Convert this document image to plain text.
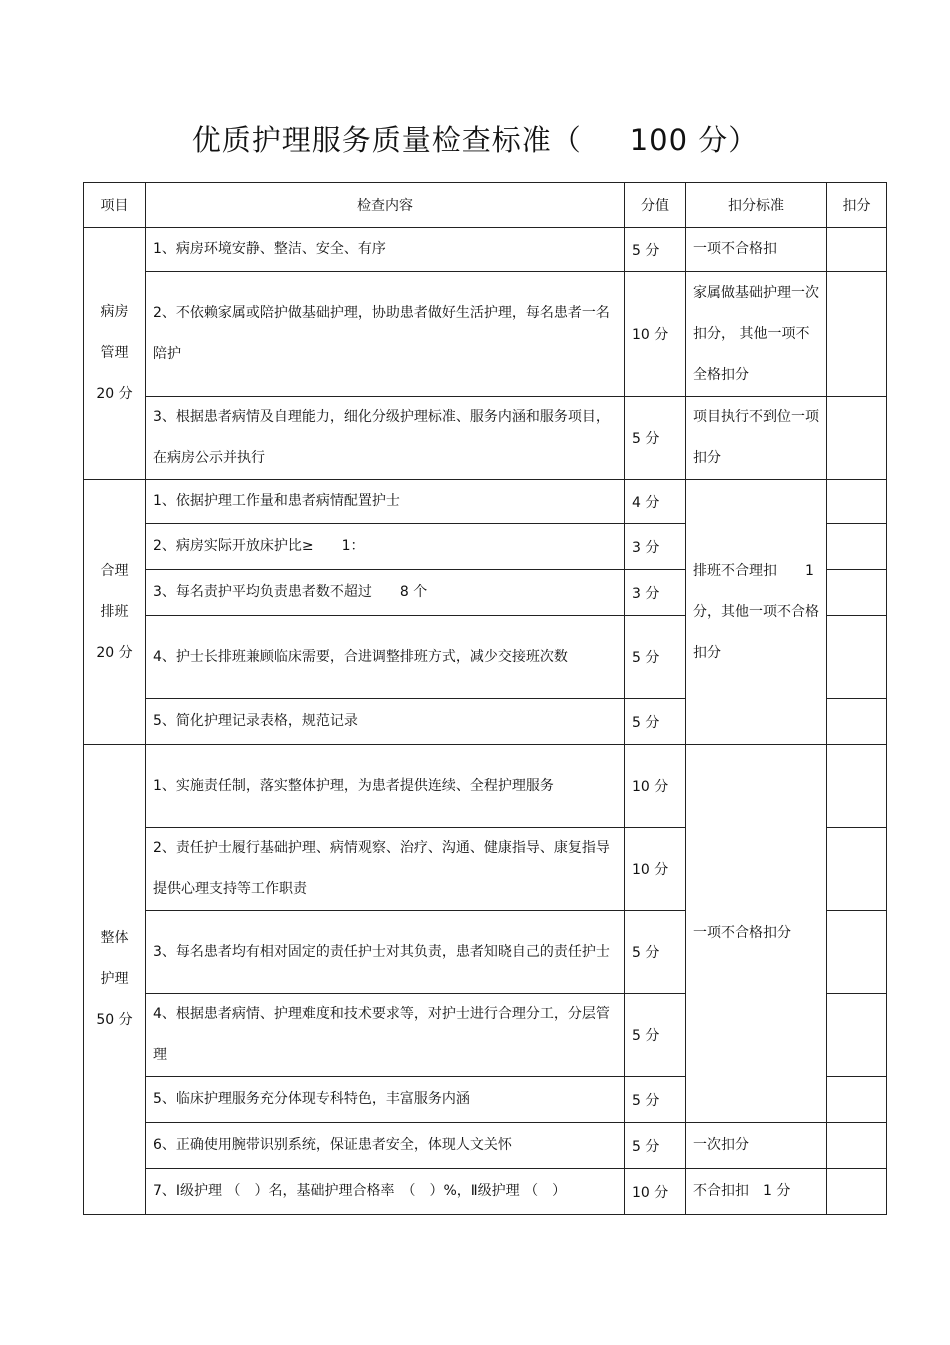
优质护理服务质量检查标准（ 100 分）
项目	检查内容	分值	扣分标准	扣分

病房
管理
20 分	1、病房环境安静、整洁、安全、有序	5 分	一项不合格扣	
	2、不依赖家属或陪护做基础护理，协助患者做好生活护理，每名患者一名陪护	10 分	家属做基础护理一次扣分， 其他一项不全格扣分	
	3、根据患者病情及自理能力，细化分级护理标准、服务内涵和服务项目，在病房公示并执行	5 分	项目执行不到位一项扣分	

合理
排班
20 分	1、依据护理工作量和患者病情配置护士	4 分	排班不合理扣　　1 分，其他一项不合格扣分	
	2、病房实际开放床护比≥　　1：	3 分		
	3、每名责护平均负责患者数不超过　　8 个	3 分		
	4、护士长排班兼顾临床需要，合进调整排班方式，减少交接班次数	5 分		
	5、简化护理记录表格，规范记录	5 分		

整体
护理
50 分	1、实施责任制，落实整体护理，为患者提供连续、全程护理服务	10 分	一项不合格扣分	
	2、责任护士履行基础护理、病情观察、治疗、沟通、健康指导、康复指导提供心理支持等工作职责	10 分		
	3、每名患者均有相对固定的责任护士对其负责，患者知晓自己的责任护士	5 分		
	4、根据患者病情、护理难度和技术要求等，对护士进行合理分工，分层管理	5 分		
	5、临床护理服务充分体现专科特色，丰富服务内涵	5 分		
	6、正确使用腕带识别系统，保证患者安全，体现人文关怀	5 分	一次扣分	
	7、Ⅰ级护理 （　）名，基础护理合格率　（　）%，Ⅱ级护理 （　）	10 分	不合扣扣　1 分	
